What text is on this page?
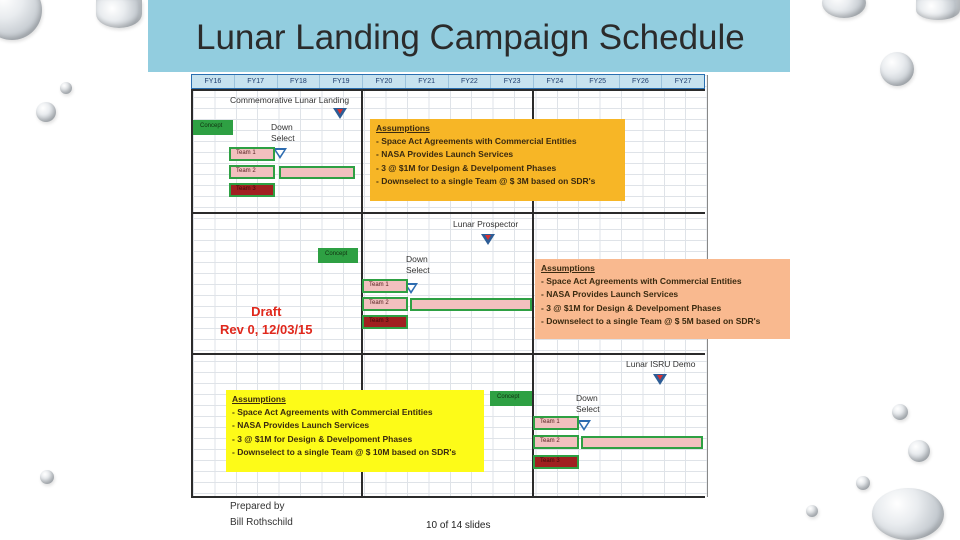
Lunar Landing Campaign Schedule
FY16	FY17	FY18	FY19	FY20	FY21	FY22	FY23	FY24	FY25	FY26	FY27
Commemorative Lunar Landing
Concept	Down Select
Team 1
Team 2
Team 3
Assumptions
- Space Act Agreements with Commercial Entities
- NASA Provides Launch Services
- 3 @ $1M for Design & Develpoment Phases
- Downselect to a single Team @ $ 3M based on SDR's
Lunar Prospector
Concept	Down Select
Team 1
Team 2
Team 3
Assumptions
- Space Act Agreements with Commercial Entities
- NASA Provides Launch Services
- 3 @ $1M for Design & Develpoment Phases
- Downselect to a single Team @ $ 5M based on SDR's
Draft
Rev 0, 12/03/15
Lunar ISRU Demo
Assumptions
- Space Act Agreements with Commercial Entities
- NASA Provides Launch Services
- 3 @ $1M for Design & Develpoment Phases
- Downselect to a single Team @ $ 10M based on SDR's
Concept	Down Select
Team 1
Team 2
Team 3
Prepared by
Bill Rothschild	10 of 14 slides
